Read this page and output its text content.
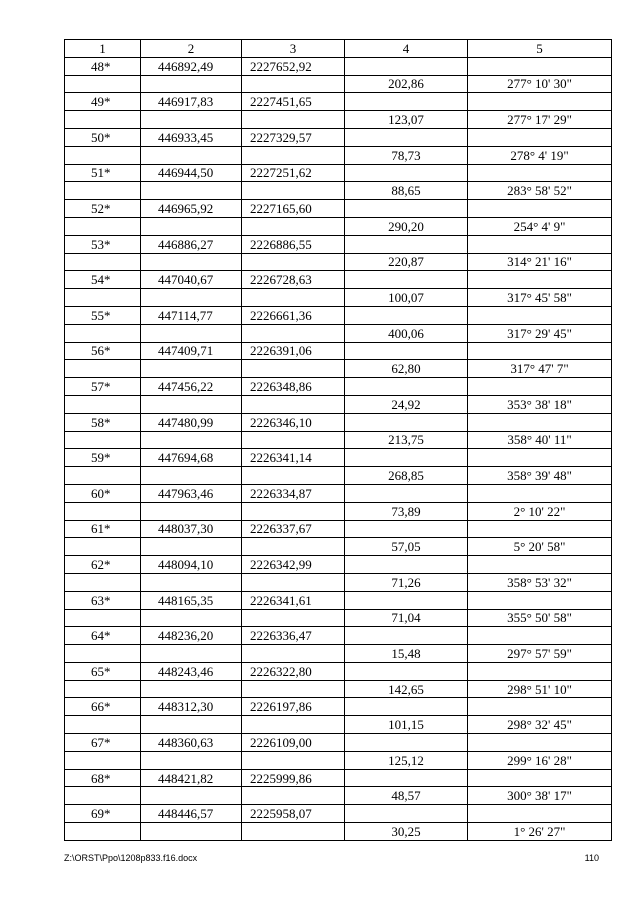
1	2	3	4	5
48*	446892,49	2227652,92		
			202,86	277° 10' 30"
49*	446917,83	2227451,65		
			123,07	277° 17' 29"
50*	446933,45	2227329,57		
			78,73	278° 4' 19"
51*	446944,50	2227251,62		
			88,65	283° 58' 52"
52*	446965,92	2227165,60		
			290,20	254° 4' 9"
53*	446886,27	2226886,55		
			220,87	314° 21' 16"
54*	447040,67	2226728,63		
			100,07	317° 45' 58"
55*	447114,77	2226661,36		
			400,06	317° 29' 45"
56*	447409,71	2226391,06		
			62,80	317° 47' 7"
57*	447456,22	2226348,86		
			24,92	353° 38' 18"
58*	447480,99	2226346,10		
			213,75	358° 40' 11"
59*	447694,68	2226341,14		
			268,85	358° 39' 48"
60*	447963,46	2226334,87		
			73,89	2° 10' 22"
61*	448037,30	2226337,67		
			57,05	5° 20' 58"
62*	448094,10	2226342,99		
			71,26	358° 53' 32"
63*	448165,35	2226341,61		
			71,04	355° 50' 58"
64*	448236,20	2226336,47		
			15,48	297° 57' 59"
65*	448243,46	2226322,80		
			142,65	298° 51' 10"
66*	448312,30	2226197,86		
			101,15	298° 32' 45"
67*	448360,63	2226109,00		
			125,12	299° 16' 28"
68*	448421,82	2225999,86		
			48,57	300° 38' 17"
69*	448446,57	2225958,07		
			30,25	1° 26' 27"
Z:\ORST\Ppo\1208p833.f16.docx	110
